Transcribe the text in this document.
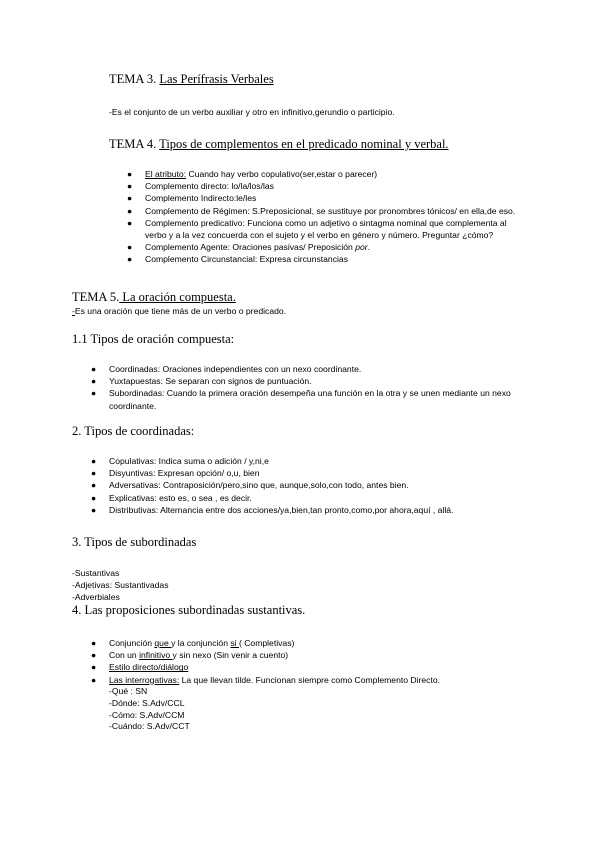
TEMA 3. Las Perífrasis Verbales
-Es el conjunto de un verbo auxiliar y otro en infinitivo,gerundio o participio.
TEMA 4. Tipos de complementos en el predicado nominal y verbal.
● El atributo: Cuando hay verbo copulativo(ser,estar o parecer)
● Complemento directo: lo/la/los/las
● Complemento Indirecto:le/les
● Complemento de Régimen: S.Preposicional, se sustituye por pronombres tónicos/ en ella,de eso.
● Complemento predicativo: Funciona como un adjetivo o sintagma nominal que complementa al verbo y a la vez concuerda con el sujeto y el verbo en género y número. Preguntar ¿cómo?
● Complemento Agente: Oraciones pasivas/ Preposición por.
● Complemento Circunstancial: Expresa circunstancias
TEMA 5. La oración compuesta.
-Es una oración que tiene más de un verbo o predicado.
1.1 Tipos de oración compuesta:
● Coordinadas: Oraciones independientes con un nexo coordinante.
● Yuxtapuestas: Se separan con signos de puntuación.
● Subordinadas: Cuando la primera oración desempeña una función en la otra y se unen mediante un nexo coordinante.
2. Tipos de coordinadas:
● Copulativas: Indica suma o adición / y,ni,e
● Disyuntivas: Expresan opción/ o,u, bien
● Adversativas: Contraposición/pero,sino que, aunque,solo,con todo, antes bien.
● Explicativas: esto es, o sea , es decir.
● Distributivas: Alternancia entre dos acciones/ya,bien,tan pronto,como,por ahora,aquí , allá.
3. Tipos de subordinadas
-Sustantivas
-Adjetivas: Sustantivadas
-Adverbiales
4. Las proposiciones subordinadas sustantivas.
● Conjunción que y la conjunción si ( Completivas)
● Con un infinitivo y sin nexo (Sin venir a cuento)
● Estilo directo/diálogo
● Las interrogativas: La que llevan tilde. Funcionan siempre como Complemento Directo.
-Qué : SN
-Dónde: S.Adv/CCL
-Cómo: S.Adv/CCM
-Cuándo: S.Adv/CCT
